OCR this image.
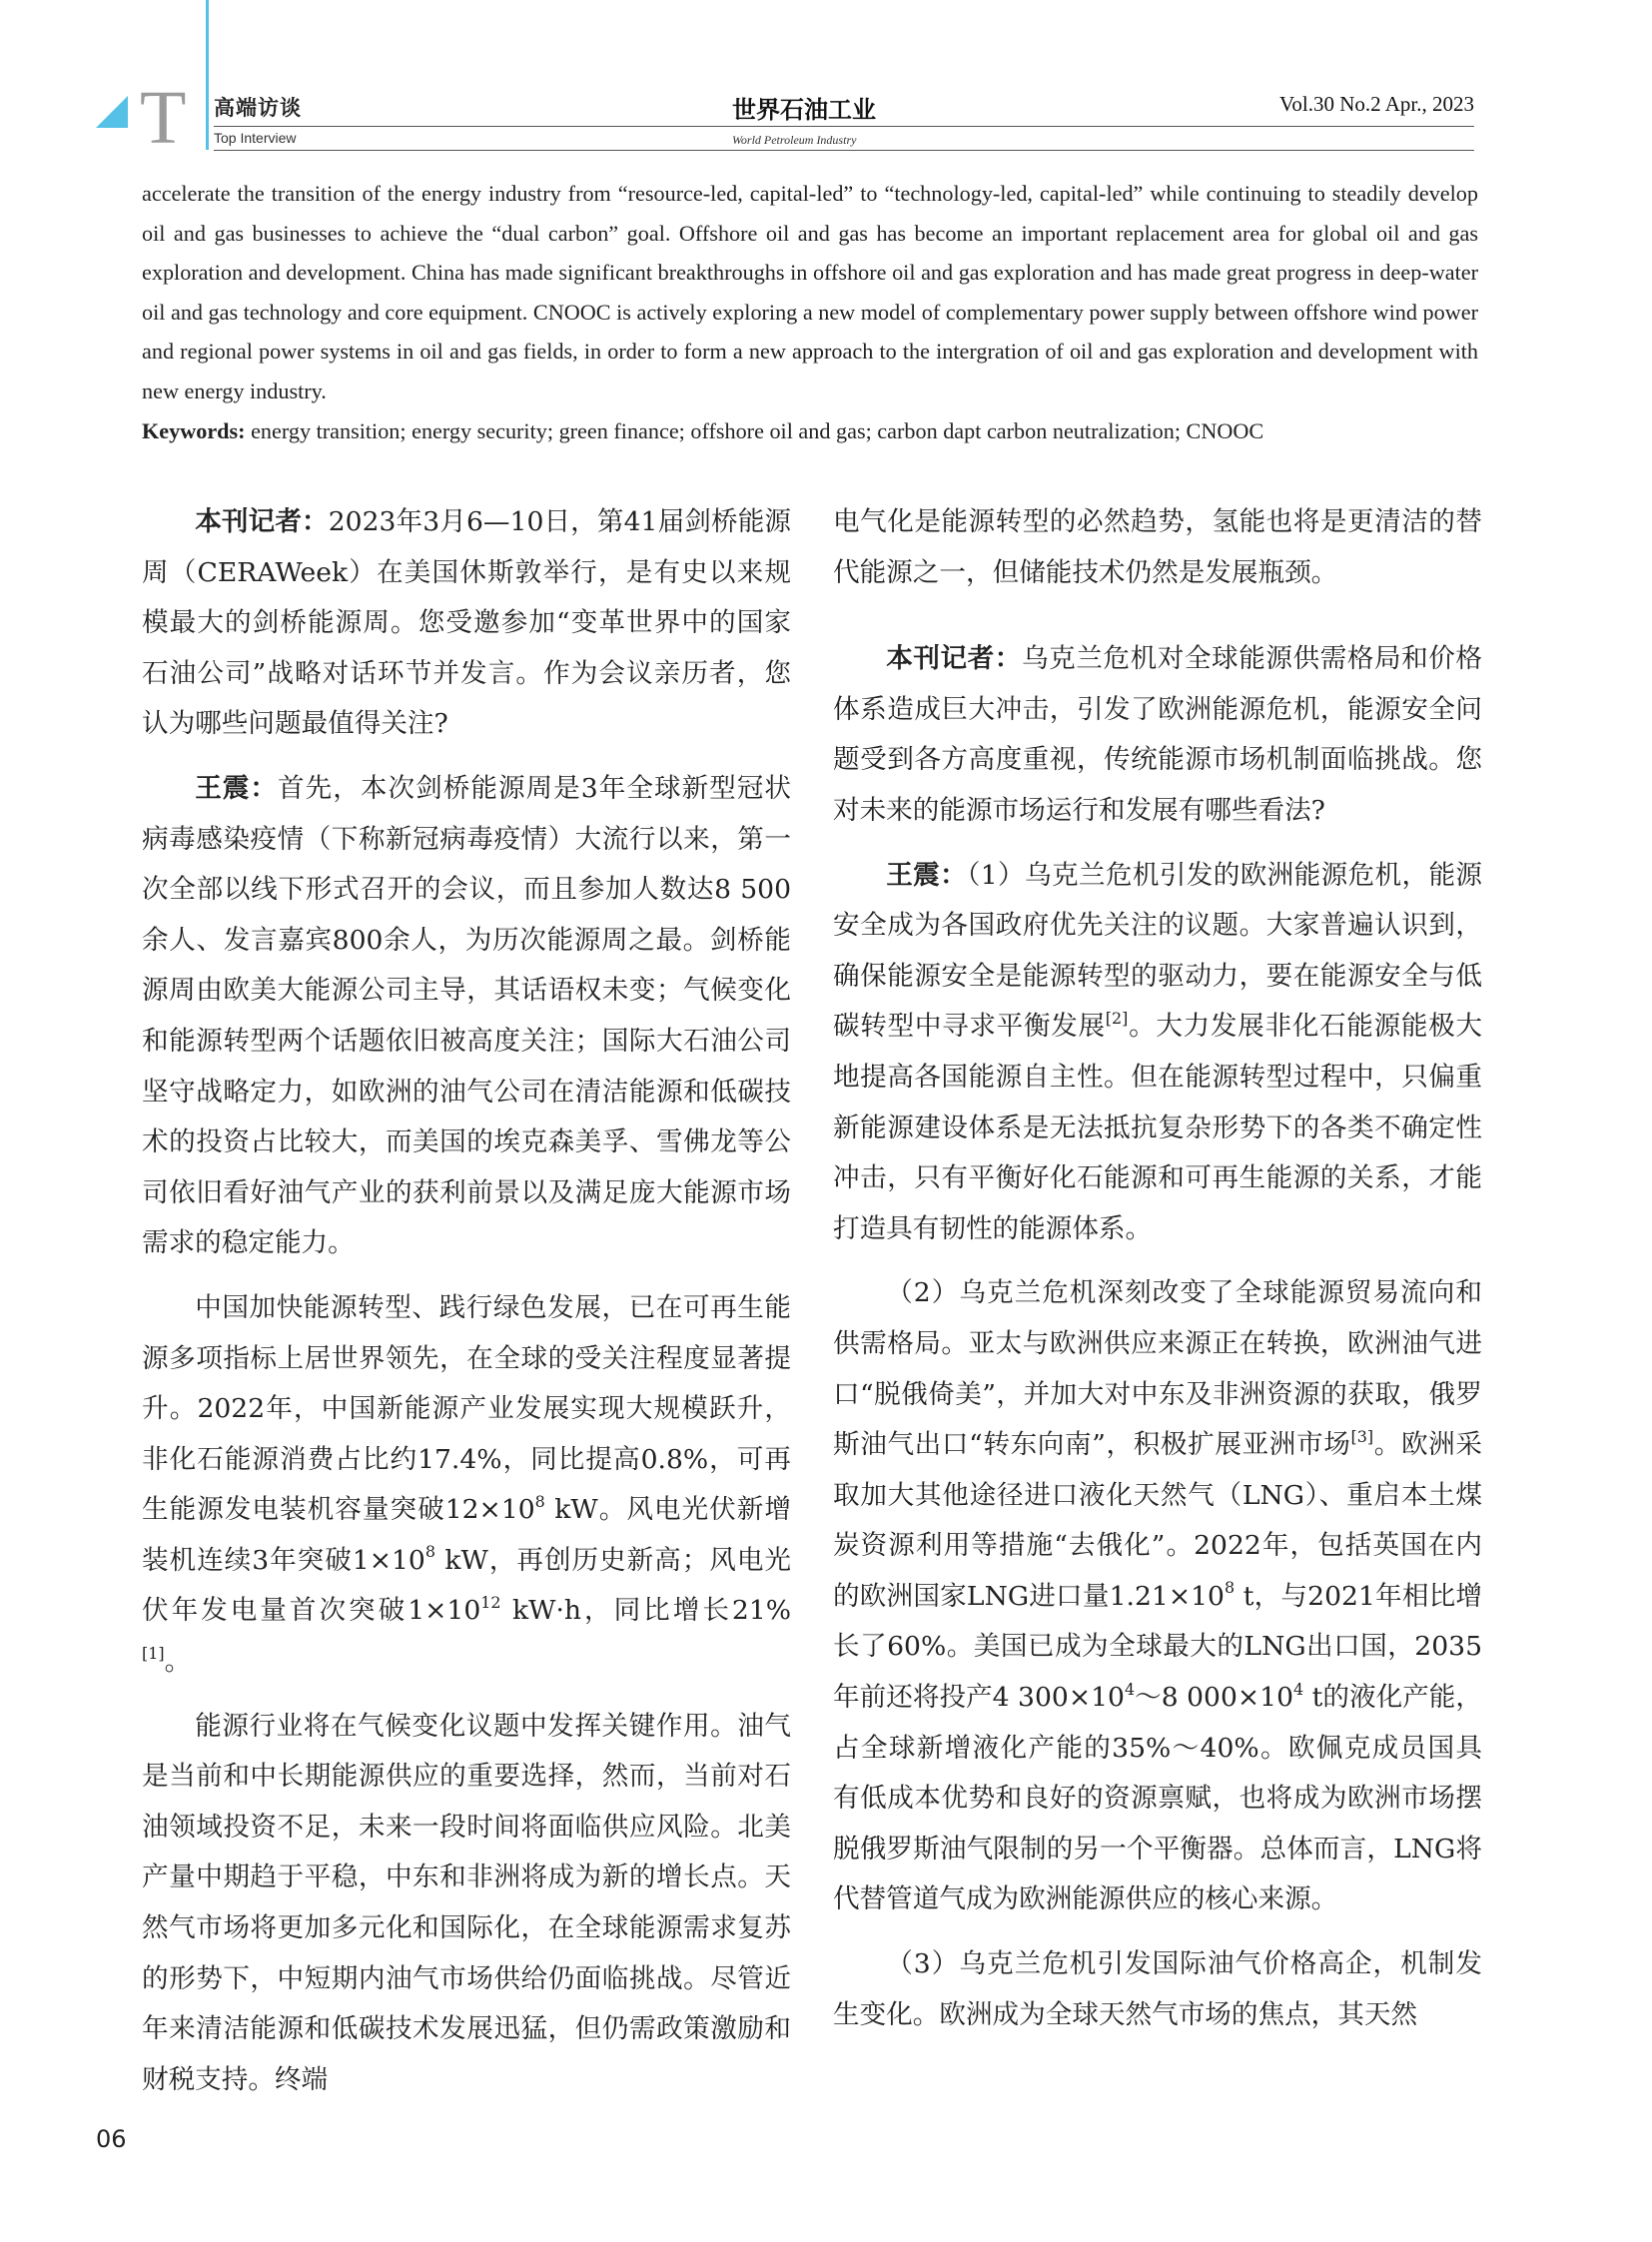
T 高端访谈
Top Interview
世界石油工业
World Petroleum Industry
Vol.30 No.2 Apr., 2023

accelerate the transition of the energy industry from “resource-led, capital-led” to “technology-led, capital-led” while continuing to steadily develop oil and gas businesses to achieve the “dual carbon” goal. Offshore oil and gas has become an important replacement area for global oil and gas exploration and development. China has made significant breakthroughs in offshore oil and gas exploration and has made great progress in deep-water oil and gas technology and core equipment. CNOOC is actively exploring a new model of complementary power supply between offshore wind power and regional power systems in oil and gas fields, in order to form a new approach to the intergration of oil and gas exploration and development with new energy industry.

Keywords: energy transition; energy security; green finance; offshore oil and gas; carbon dapt carbon neutralization; CNOOC

本刊记者：2023年3月6—10日，第41届剑桥能源周（CERAWeek）在美国休斯敦举行，是有史以来规模最大的剑桥能源周。您受邀参加“变革世界中的国家石油公司”战略对话环节并发言。作为会议亲历者，您认为哪些问题最值得关注?

王震：首先，本次剑桥能源周是3年全球新型冠状病毒感染疫情（下称新冠病毒疫情）大流行以来，第一次全部以线下形式召开的会议，而且参加人数达8 500余人、发言嘉宾800余人，为历次能源周之最。剑桥能源周由欧美大能源公司主导，其话语权未变；气候变化和能源转型两个话题依旧被高度关注；国际大石油公司坚守战略定力，如欧洲的油气公司在清洁能源和低碳技术的投资占比较大，而美国的埃克森美孚、雪佛龙等公司依旧看好油气产业的获利前景以及满足庞大能源市场需求的稳定能力。

中国加快能源转型、践行绿色发展，已在可再生能源多项指标上居世界领先，在全球的受关注程度显著提升。2022年，中国新能源产业发展实现大规模跃升，非化石能源消费占比约17.4%，同比提高0.8%，可再生能源发电装机容量突破$12\times 10^8$ kW。风电光伏新增装机连续3年突破$1\times 10^8$ kW，再创历史新高；风电光伏年发电量首次突破$1\times 10^{12}$ kW·h，同比增长21%[1]。

能源行业将在气候变化议题中发挥关键作用。油气是当前和中长期能源供应的重要选择，然而，当前对石油领域投资不足，未来一段时间将面临供应风险。北美产量中期趋于平稳，中东和非洲将成为新的增长点。天然气市场将更加多元化和国际化，在全球能源需求复苏的形势下，中短期内油气市场供给仍面临挑战。尽管近年来清洁能源和低碳技术发展迅猛，但仍需政策激励和财税支持。终端

电气化是能源转型的必然趋势，氢能也将是更清洁的替代能源之一，但储能技术仍然是发展瓶颈。

本刊记者：乌克兰危机对全球能源供需格局和价格体系造成巨大冲击，引发了欧洲能源危机，能源安全问题受到各方高度重视，传统能源市场机制面临挑战。您对未来的能源市场运行和发展有哪些看法?

王震：（1）乌克兰危机引发的欧洲能源危机，能源安全成为各国政府优先关注的议题。大家普遍认识到，确保能源安全是能源转型的驱动力，要在能源安全与低碳转型中寻求平衡发展[2]。大力发展非化石能源能极大地提高各国能源自主性。但在能源转型过程中，只偏重新能源建设体系是无法抵抗复杂形势下的各类不确定性冲击，只有平衡好化石能源和可再生能源的关系，才能打造具有韧性的能源体系。

（2）乌克兰危机深刻改变了全球能源贸易流向和供需格局。亚太与欧洲供应来源正在转换，欧洲油气进口“脱俄倚美”，并加大对中东及非洲资源的获取，俄罗斯油气出口“转东向南”，积极扩展亚洲市场[3]。欧洲采取加大其他途径进口液化天然气（LNG）、重启本土煤炭资源利用等措施“去俄化”。2022年，包括英国在内的欧洲国家LNG进口量$1.21\times 10^8$ t，与2021年相比增长了60%。美国已成为全球最大的LNG出口国，2035年前还将投产4 $300\times 10^4\sim 8$ $000\times 10^4$ t的液化产能，占全球新增液化产能的35%～40%。欧佩克成员国具有低成本优势和良好的资源禀赋，也将成为欧洲市场摆脱俄罗斯油气限制的另一个平衡器。总体而言，LNG将代替管道气成为欧洲能源供应的核心来源。

（3）乌克兰危机引发国际油气价格高企，机制发生变化。欧洲成为全球天然气市场的焦点，其天然

06
